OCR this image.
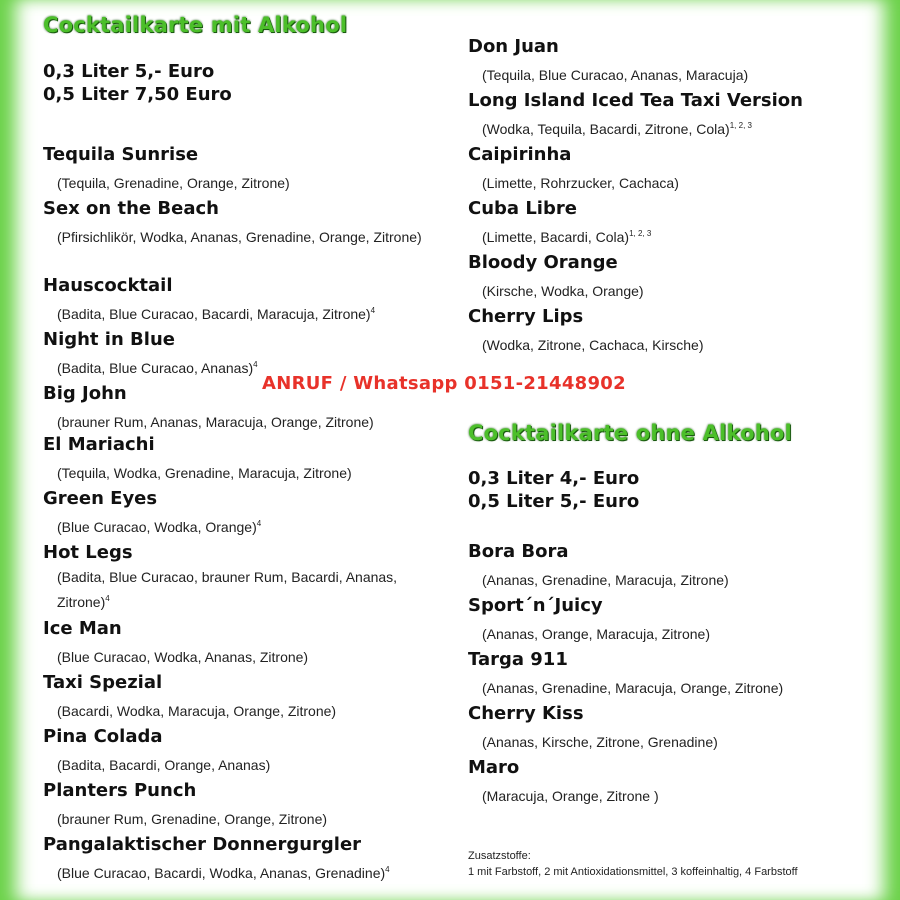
Cocktailkarte mit Alkohol
0,3 Liter 5,- Euro
0,5 Liter 7,50 Euro
Tequila Sunrise
(Tequila, Grenadine, Orange, Zitrone)
Sex on the Beach
(Pfirsichlikör, Wodka, Ananas, Grenadine, Orange, Zitrone)
Hauscocktail
(Badita, Blue Curacao, Bacardi, Maracuja, Zitrone)$^4$
Night in Blue
(Badita, Blue Curacao, Ananas)$^4$
Big John
(brauner Rum, Ananas, Maracuja, Orange, Zitrone)
El Mariachi
(Tequila, Wodka, Grenadine, Maracuja, Zitrone)
Green Eyes
(Blue Curacao, Wodka, Orange)$^4$
Hot Legs
(Badita, Blue Curacao, brauner Rum, Bacardi, Ananas, Zitrone)$^4$
Ice Man
(Blue Curacao, Wodka, Ananas, Zitrone)
Taxi Spezial
(Bacardi, Wodka, Maracuja, Orange, Zitrone)
Pina Colada
(Badita, Bacardi, Orange, Ananas)
Planters Punch
(brauner Rum, Grenadine, Orange, Zitrone)
Pangalaktischer Donnergurgler
(Blue Curacao, Bacardi, Wodka, Ananas, Grenadine)$^4$
Don Juan
(Tequila, Blue Curacao, Ananas, Maracuja)
Long Island Iced Tea Taxi Version
(Wodka, Tequila, Bacardi, Zitrone, Cola)$^{1, 2, 3}$
Caipirinha
(Limette, Rohrzucker, Cachaca)
Cuba Libre
(Limette, Bacardi, Cola)$^{1, 2, 3}$
Bloody Orange
(Kirsche, Wodka, Orange)
Cherry Lips
(Wodka, Zitrone, Cachaca, Kirsche)
Cocktailkarte ohne Alkohol
0,3 Liter 4,- Euro
0,5 Liter 5,- Euro
Bora Bora
(Ananas, Grenadine, Maracuja, Zitrone)
Sport´n´Juicy
(Ananas, Orange, Maracuja, Zitrone)
Targa 911
(Ananas, Grenadine, Maracuja, Orange, Zitrone)
Cherry Kiss
(Ananas, Kirsche, Zitrone, Grenadine)
Maro
(Maracuja, Orange, Zitrone )
ANRUF / Whatsapp 0151-21448902
Zusatzstoffe:
1 mit Farbstoff, 2 mit Antioxidationsmittel, 3 koffeinhaltig, 4 Farbstoff
